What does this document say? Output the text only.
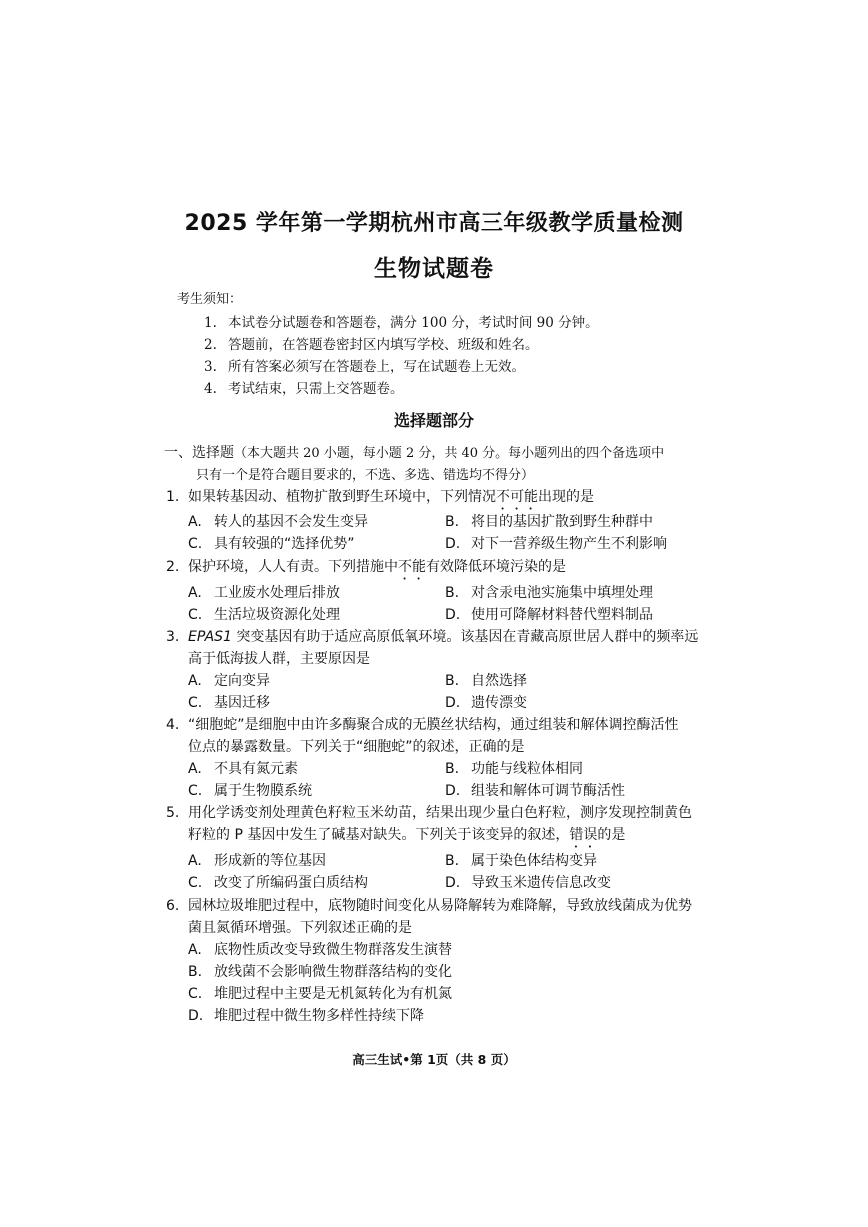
2025 学年第一学期杭州市高三年级教学质量检测
生物试题卷
考生须知：
1. 本试卷分试题卷和答题卷，满分 100 分，考试时间 90 分钟。
2. 答题前，在答题卷密封区内填写学校、班级和姓名。
3. 所有答案必须写在答题卷上，写在试题卷上无效。
4. 考试结束，只需上交答题卷。
选择题部分
一、选择题（本大题共 20 小题，每小题 2 分，共 40 分。每小题列出的四个备选项中
只有一个是符合题目要求的，不选、多选、错选均不得分）
1. 如果转基因动、植物扩散到野生环境中，下列情况不可能出现的是
A. 转人的基因不会发生变异	B. 将目的基因扩散到野生种群中
C. 具有较强的“选择优势”	D. 对下一营养级生物产生不利影响
2. 保护环境，人人有责。下列措施中不能有效降低环境污染的是
A. 工业废水处理后排放	B. 对含汞电池实施集中填埋处理
C. 生活垃圾资源化处理	D. 使用可降解材料替代塑料制品
3. EPAS1 突变基因有助于适应高原低氧环境。该基因在青藏高原世居人群中的频率远
高于低海拔人群，主要原因是
A. 定向变异	B. 自然选择
C. 基因迁移	D. 遗传漂变
4. “细胞蛇”是细胞中由许多酶聚合成的无膜丝状结构，通过组装和解体调控酶活性
位点的暴露数量。下列关于“细胞蛇”的叙述，正确的是
A. 不具有氮元素	B. 功能与线粒体相同
C. 属于生物膜系统	D. 组装和解体可调节酶活性
5. 用化学诱变剂处理黄色籽粒玉米幼苗，结果出现少量白色籽粒，测序发现控制黄色
籽粒的 P 基因中发生了碱基对缺失。下列关于该变异的叙述，错误的是
A. 形成新的等位基因	B. 属于染色体结构变异
C. 改变了所编码蛋白质结构	D. 导致玉米遗传信息改变
6. 园林垃圾堆肥过程中，底物随时间变化从易降解转为难降解，导致放线菌成为优势
菌且氮循环增强。下列叙述正确的是
A. 底物性质改变导致微生物群落发生演替
B. 放线菌不会影响微生物群落结构的变化
C. 堆肥过程中主要是无机氮转化为有机氮
D. 堆肥过程中微生物多样性持续下降
高三生试•第 1页（共 8 页）
